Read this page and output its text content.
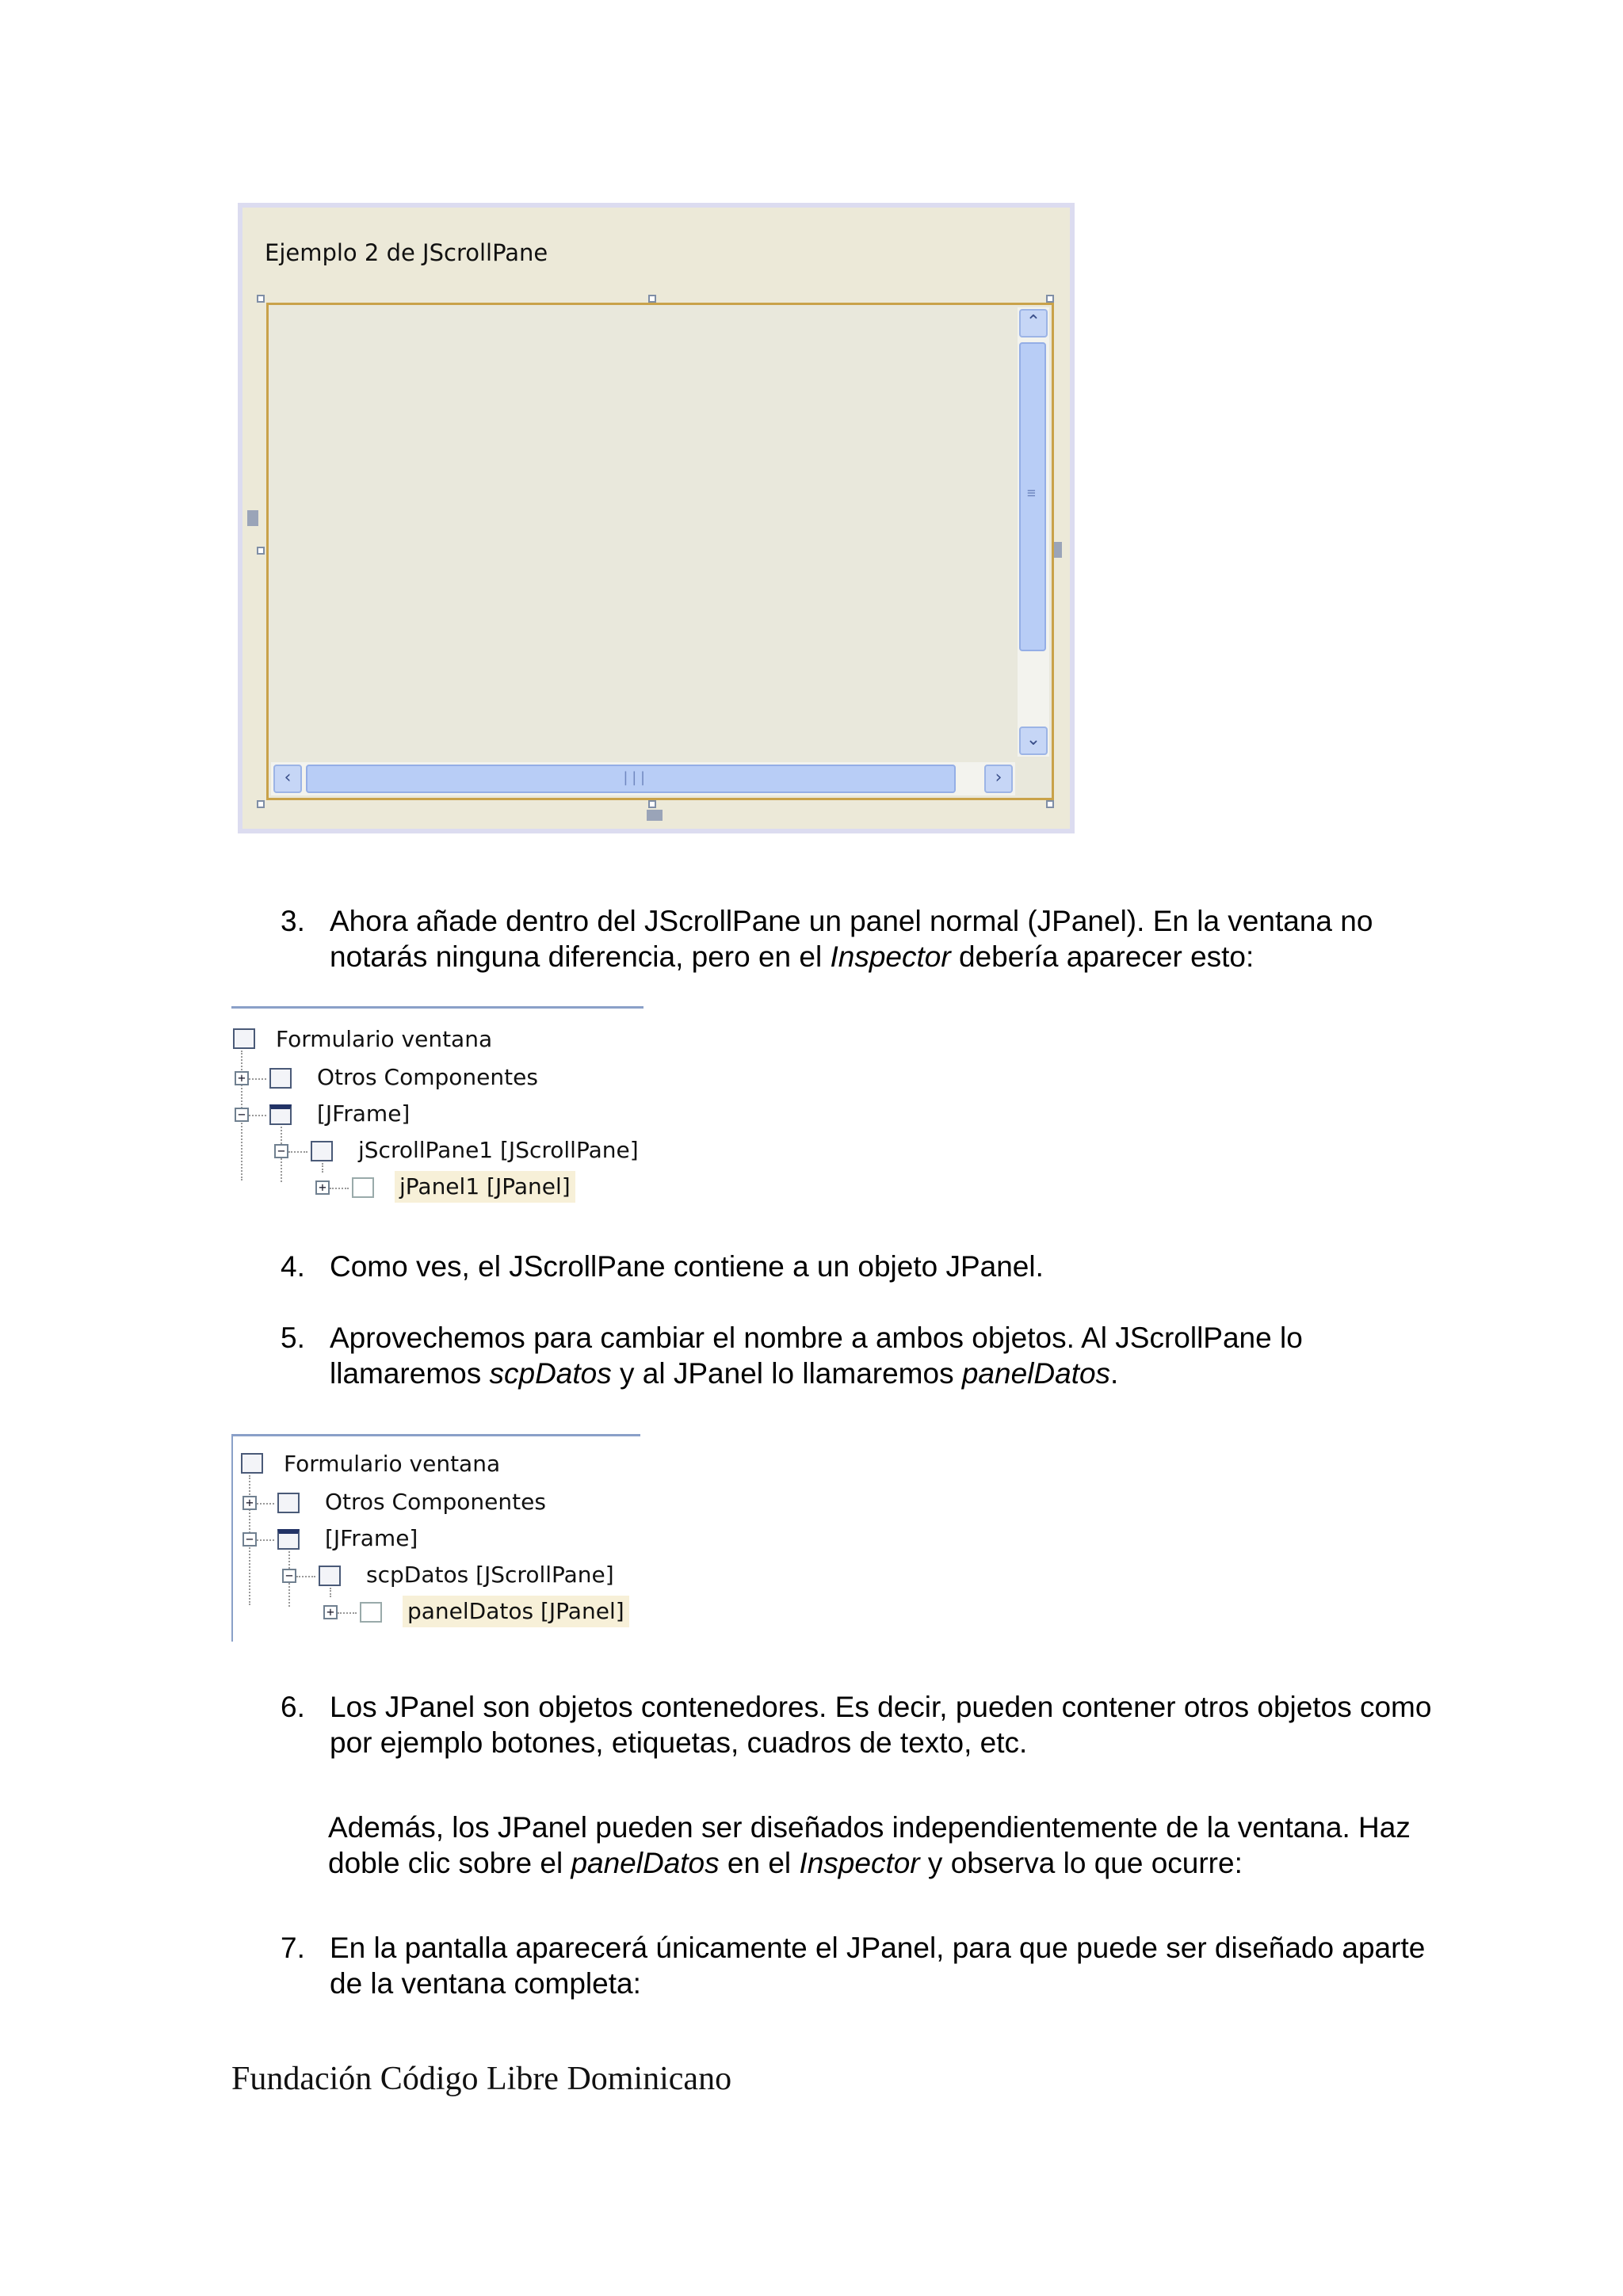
Ejemplo 2 de JScrollPane
⌃
≡
⌄
‹	|||	›
3. Ahora añade dentro del JScrollPane un panel normal (JPanel). En la ventana no
notarás ninguna diferencia, pero en el Inspector debería aparecer esto:
Formulario ventana
+	Otros Componentes
−	[JFrame]
−	jScrollPane1 [JScrollPane]
+	jPanel1 [JPanel]
4. Como ves, el JScrollPane contiene a un objeto JPanel.
5. Aprovechemos para cambiar el nombre a ambos objetos. Al JScrollPane lo
llamaremos scpDatos y al JPanel lo llamaremos panelDatos.
Formulario ventana
+	Otros Componentes
−	[JFrame]
−	scpDatos [JScrollPane]
+	panelDatos [JPanel]
6. Los JPanel son objetos contenedores. Es decir, pueden contener otros objetos como
por ejemplo botones, etiquetas, cuadros de texto, etc.
Además, los JPanel pueden ser diseñados independientemente de la ventana. Haz
doble clic sobre el panelDatos en el Inspector y observa lo que ocurre:
7. En la pantalla aparecerá únicamente el JPanel, para que puede ser diseñado aparte
de la ventana completa:
Fundación Código Libre Dominicano
